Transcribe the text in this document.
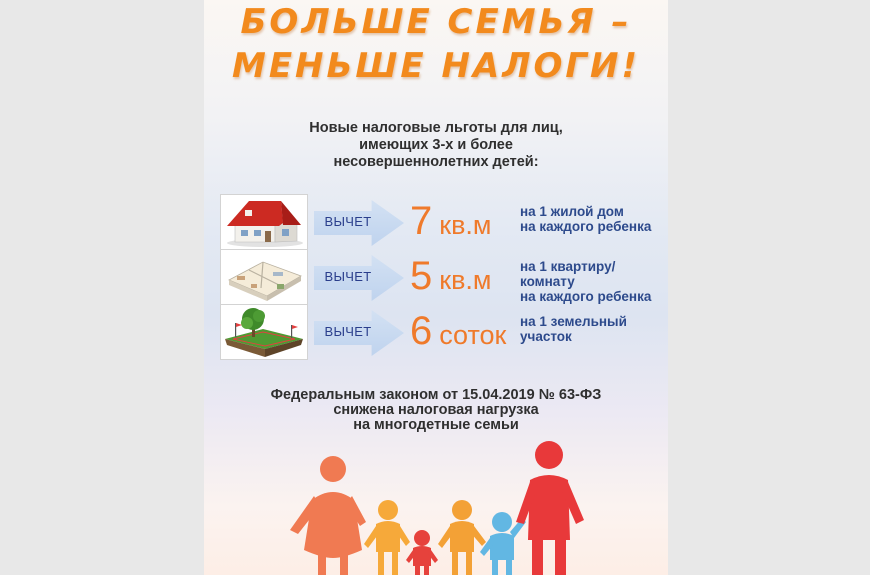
БОЛЬШЕ СЕМЬЯ –
МЕНЬШЕ НАЛОГИ!
Новые налоговые льготы для лиц,
имеющих 3-х и более
несовершеннолетних детей:
ВЫЧЕТ 7 кв.м на 1 жилой дом
на каждого ребенка
ВЫЧЕТ 5 кв.м на 1 квартиру/
комнату
на каждого ребенка
ВЫЧЕТ 6 соток на 1 земельный
участок
Федеральным законом от 15.04.2019 № 63-ФЗ
снижена налоговая нагрузка
на многодетные семьи
